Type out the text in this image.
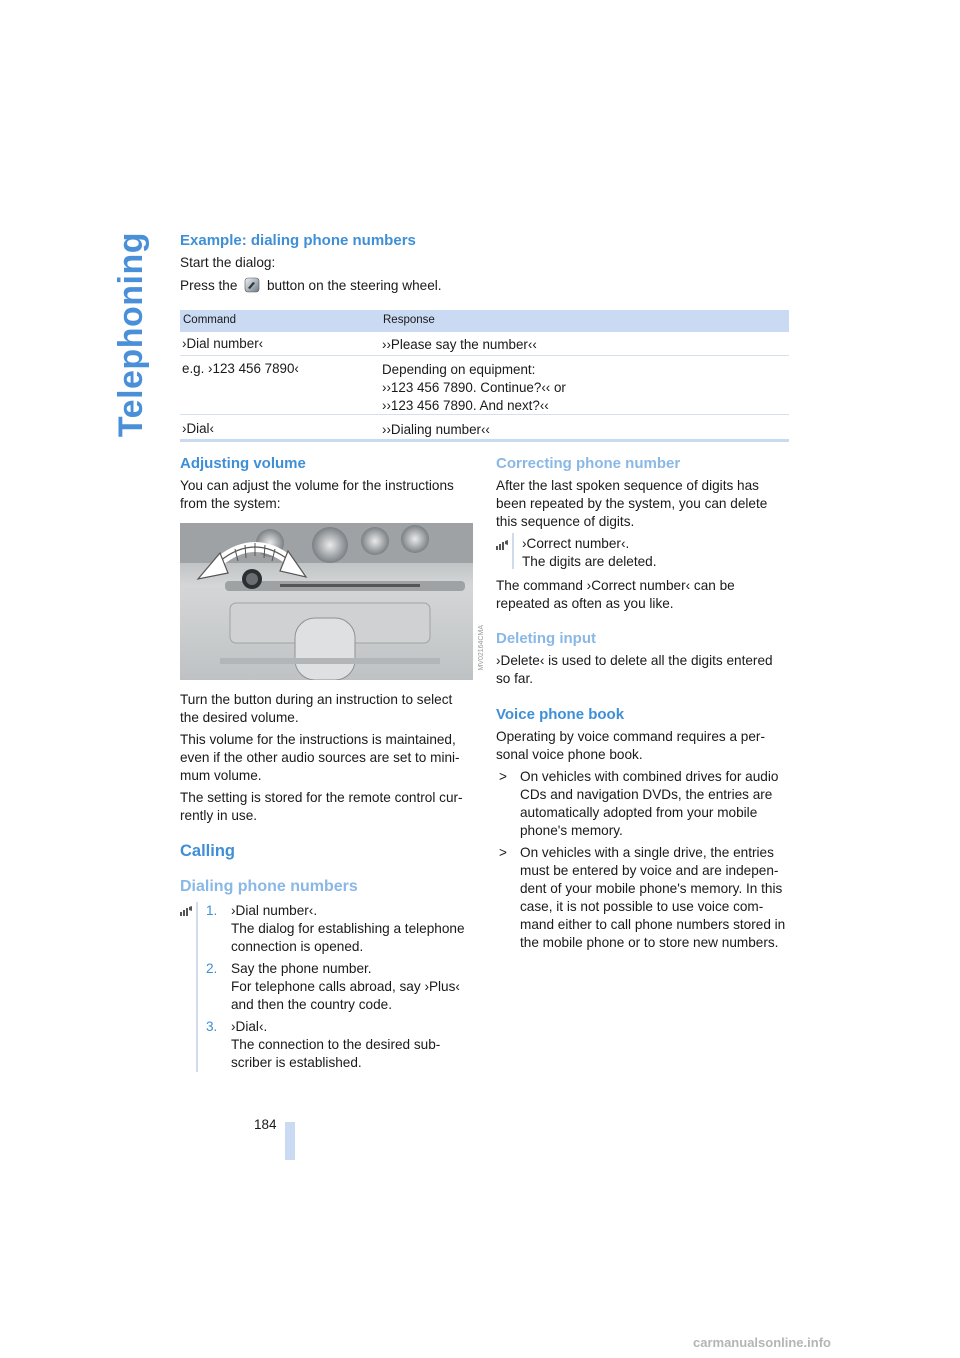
Telephoning Example: dialing phone numbers

Start the dialog:

Press the button on the steering wheel.

Command	Response
›Dial number‹	››Please say the number‹‹
e.g. ›123 456 7890‹	Depending on equipment:
››123 456 7890. Continue?‹‹ or
››123 456 7890. And next?‹‹
›Dial‹	››Dialing number‹‹
Adjusting volume

You can adjust the volume for the instructions
from the system:

MV02164CMA

Turn the button during an instruction to select
the desired volume.

This volume for the instructions is maintained,
even if the other audio sources are set to mini-
mum volume.

The setting is stored for the remote control cur-
rently in use.

Calling
Dialing phone numbers
1. ›Dial number‹.
The dialog for establishing a telephone
connection is opened.
2. Say the phone number.
For telephone calls abroad, say ›Plus‹
and then the country code.
3. ›Dial‹.
The connection to the desired sub-
scriber is established.
Correcting phone number

After the last spoken sequence of digits has
been repeated by the system, you can delete
this sequence of digits.

›Correct number‹.
The digits are deleted.

The command ›Correct number‹ can be
repeated as often as you like.

Deleting input

›Delete‹ is used to delete all the digits entered
so far.

Voice phone book

Operating by voice command requires a per-
sonal voice phone book.

> On vehicles with combined drives for audio
CDs and navigation DVDs, the entries are
automatically adopted from your mobile
phone's memory.
> On vehicles with a single drive, the entries
must be entered by voice and are indepen-
dent of your mobile phone's memory. In this
case, it is not possible to use voice com-
mand either to call phone numbers stored in
the mobile phone or to store new numbers.
184
carmanualsonline.info
